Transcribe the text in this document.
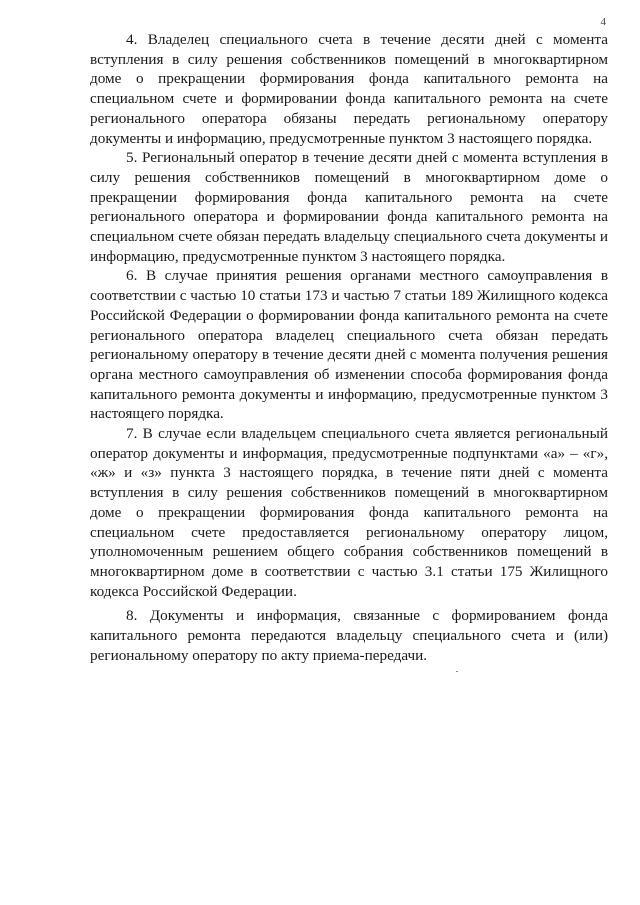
4

4. Владелец специального счета в течение десяти дней с момента вступления в силу решения собственников помещений в многоквартирном доме о прекращении формирования фонда капитального ремонта на специальном счете и формировании фонда капитального ремонта на счете регионального оператора обязаны передать региональному оператору документы и информацию, предусмотренные пунктом 3 настоящего порядка.

5. Региональный оператор в течение десяти дней с момента вступления в силу решения собственников помещений в многоквартирном доме о прекращении формирования фонда капитального ремонта на счете регионального оператора и формировании фонда капитального ремонта на специальном счете обязан передать владельцу специального счета документы и информацию, предусмотренные пунктом 3 настоящего порядка.

6. В случае принятия решения органами местного самоуправления в соответствии с частью 10 статьи 173 и частью 7 статьи 189 Жилищного кодекса Российской Федерации о формировании фонда капитального ремонта на счете регионального оператора владелец специального счета обязан передать региональному оператору в течение десяти дней с момента получения решения органа местного самоуправления об изменении способа формирования фонда капитального ремонта документы и информацию, предусмотренные пунктом 3 настоящего порядка.

7. В случае если владельцем специального счета является региональный оператор документы и информация, предусмотренные подпунктами «а» – «г», «ж» и «з» пункта 3 настоящего порядка, в течение пяти дней с момента вступления в силу решения собственников помещений в многоквартирном доме о прекращении формирования фонда капитального ремонта на специальном счете предоставляется региональному оператору лицом, уполномоченным решением общего собрания собственников помещений в многоквартирном доме в соответствии с частью 3.1 статьи 175 Жилищного кодекса Российской Федерации.

8. Документы и информация, связанные с формированием фонда капитального ремонта передаются владельцу специального счета и (или) региональному оператору по акту приема-передачи.
